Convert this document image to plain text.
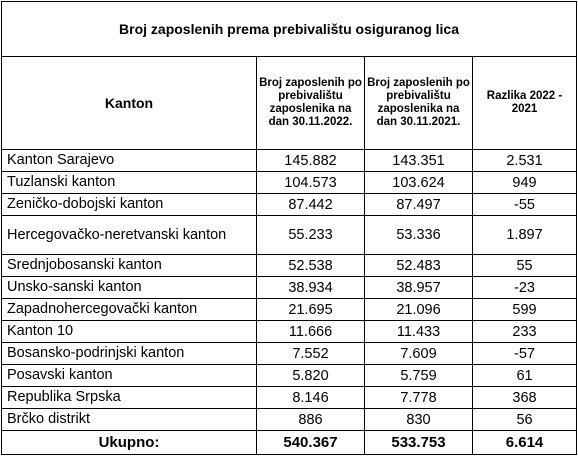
Broj zaposlenih prema prebivalištu osiguranog lica			
Kanton	Broj zaposlenih po prebivalištu zaposlenika na dan 30.11.2022.	Broj zaposlenih po prebivalištu zaposlenika na dan 30.11.2021.	Razlika 2022 - 2021
Kanton Sarajevo	145.882	143.351	2.531
Tuzlanski kanton	104.573	103.624	949
Zeničko-dobojski kanton	87.442	87.497	-55
Hercegovačko-neretvanski kanton	55.233	53.336	1.897
Srednjobosanski kanton	52.538	52.483	55
Unsko-sanski kanton	38.934	38.957	-23
Zapadnohercegovački kanton	21.695	21.096	599
Kanton 10	11.666	11.433	233
Bosansko-podrinjski kanton	7.552	7.609	-57
Posavski kanton	5.820	5.759	61
Republika Srpska	8.146	7.778	368
Brčko distrikt	886	830	56
Ukupno:	540.367	533.753	6.614
